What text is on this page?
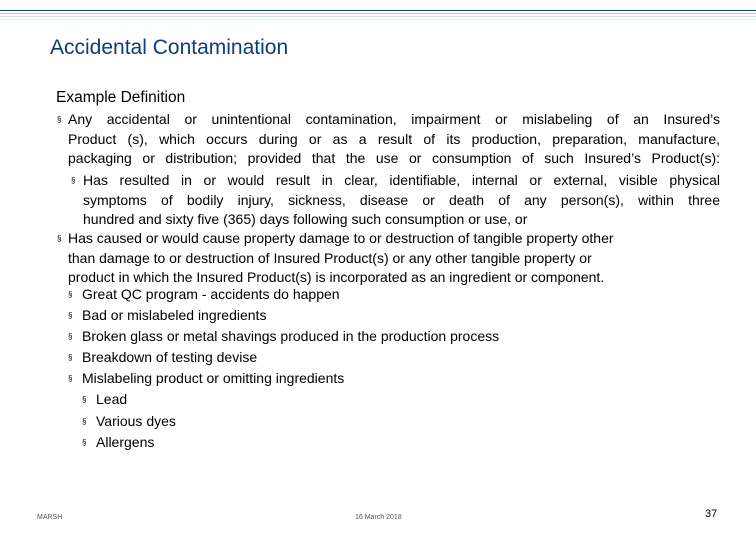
Accidental Contamination
Example Definition
§ Any accidental or unintentional contamination, impairment or mislabeling of an Insured’s
Product (s), which occurs during or as a result of its production, preparation, manufacture,
packaging or distribution; provided that the use or consumption of such Insured’s Product(s):
§ Has resulted in or would result in clear, identifiable, internal or external, visible physical
symptoms of bodily injury, sickness, disease or death of any person(s), within three
hundred and sixty five (365) days following such consumption or use, or
§ Has caused or would cause property damage to or destruction of tangible property other
than damage to or destruction of Insured Product(s) or any other tangible property or
product in which the Insured Product(s) is incorporated as an ingredient or component.
§ Great QC program - accidents do happen
§ Bad or mislabeled ingredients
§ Broken glass or metal shavings produced in the production process
§ Breakdown of testing devise
§ Mislabeling product or omitting ingredients
§ Lead
§ Various dyes
§ Allergens
MARSH	16 March 2018	37
